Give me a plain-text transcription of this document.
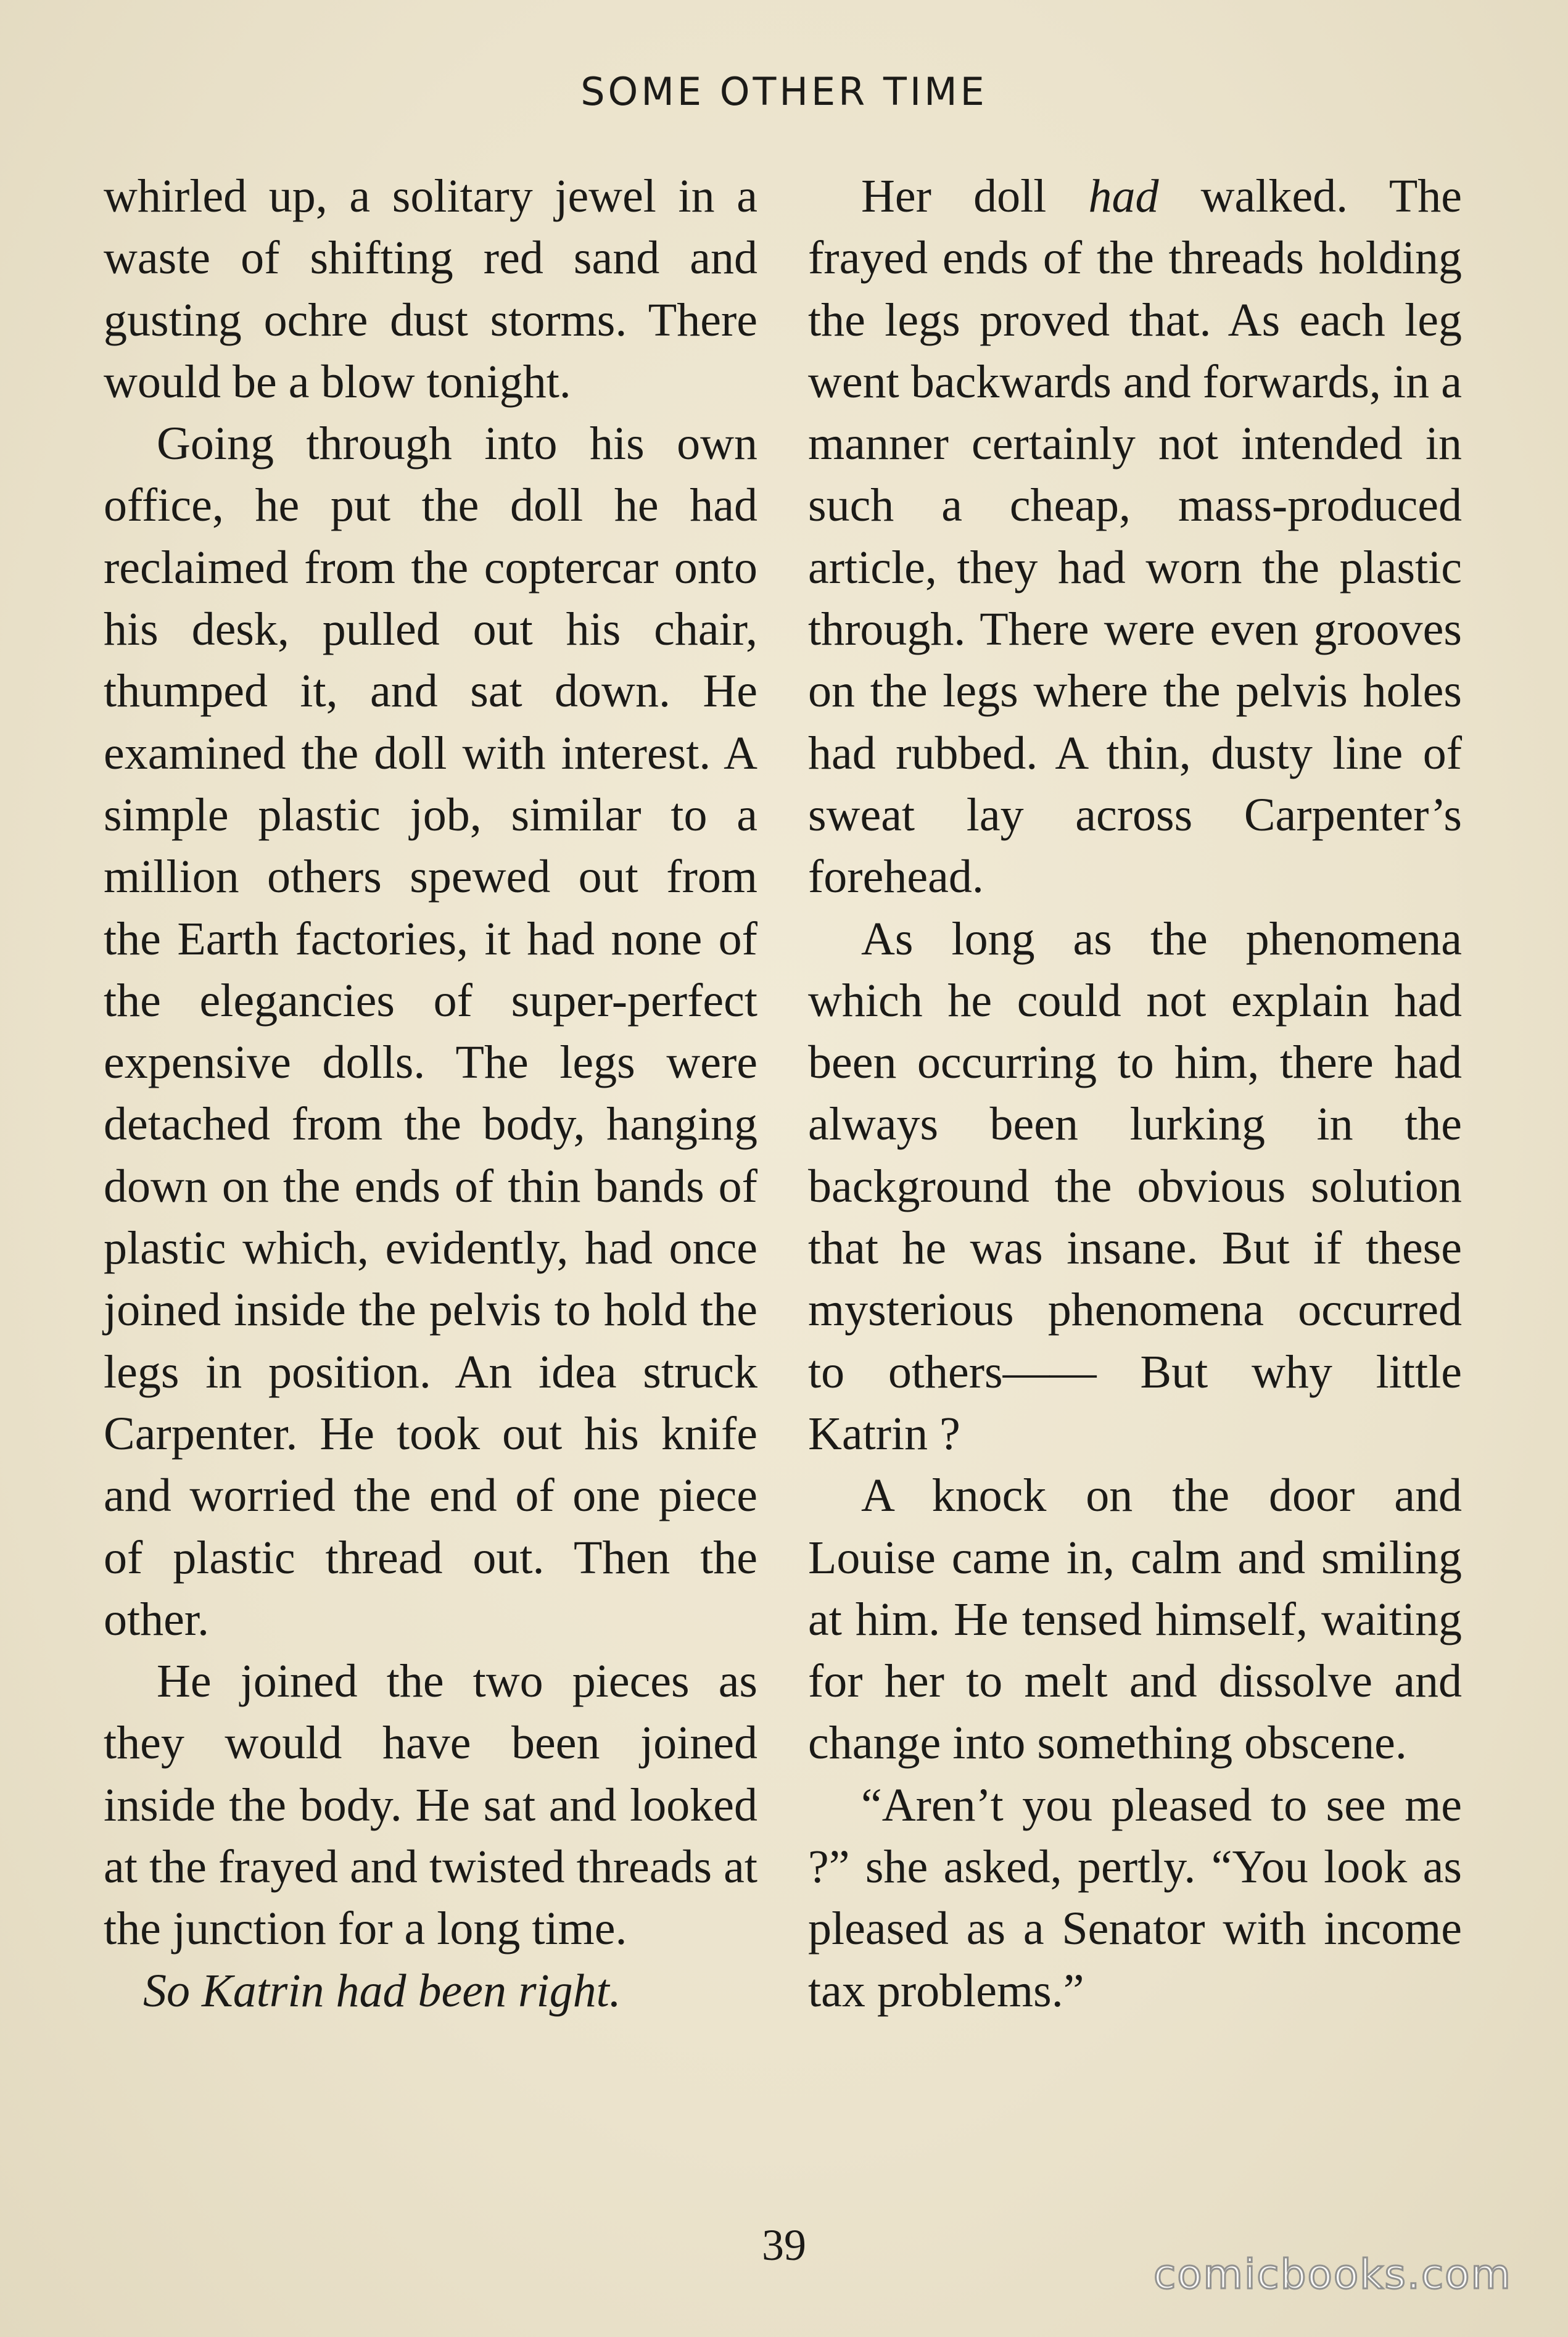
SOME OTHER TIME

whirled up, a solitary jewel in a waste of shifting red sand and gusting ochre dust storms. There would be a blow tonight.

Going through into his own office, he put the doll he had reclaimed from the coptercar onto his desk, pulled out his chair, thumped it, and sat down. He examined the doll with interest. A simple plastic job, similar to a million others spewed out from the Earth factories, it had none of the elegancies of super-perfect expensive dolls. The legs were detached from the body, hanging down on the ends of thin bands of plastic which, evidently, had once joined inside the pelvis to hold the legs in position. An idea struck Carpenter. He took out his knife and worried the end of one piece of plastic thread out. Then the other.

He joined the two pieces as they would have been joined inside the body. He sat and looked at the frayed and twisted threads at the junction for a long time.

So Katrin had been right.

Her doll had walked. The frayed ends of the threads holding the legs proved that. As each leg went backwards and forwards, in a manner certainly not intended in such a cheap, mass-produced article, they had worn the plastic through. There were even grooves on the legs where the pelvis holes had rubbed. A thin, dusty line of sweat lay across Carpenter’s forehead.

As long as the phenomena which he could not explain had been occurring to him, there had always been lurking in the background the obvious solution that he was insane. But if these mysterious phenomena occurred to others—— But why little Katrin ?

A knock on the door and Louise came in, calm and smiling at him. He tensed himself, waiting for her to melt and dissolve and change into something obscene.

“Aren’t you pleased to see me ?” she asked, pertly. “You look as pleased as a Senator with income tax problems.”

39
comicbooks.com
